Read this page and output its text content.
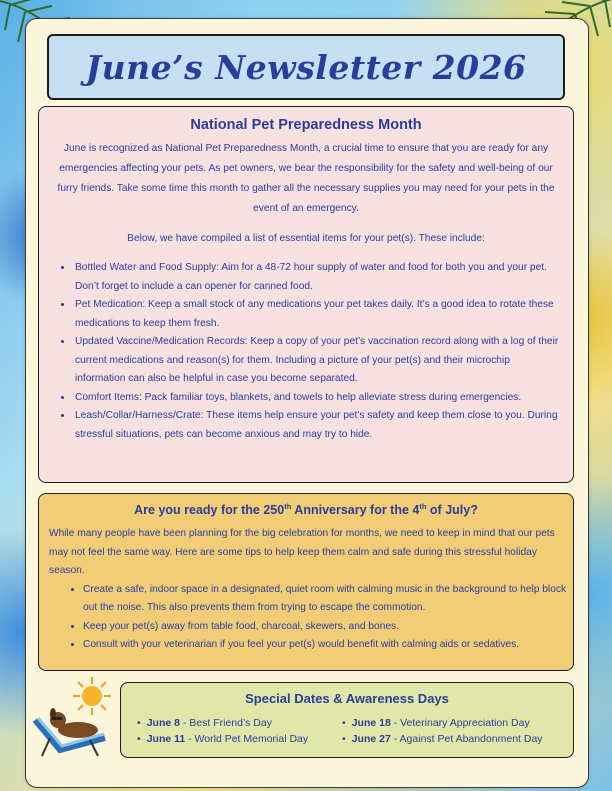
June’s Newsletter 2026
National Pet Preparedness Month

June is recognized as National Pet Preparedness Month, a crucial time to ensure that you are ready for any emergencies affecting your pets. As pet owners, we bear the responsibility for the safety and well-being of our furry friends. Take some time this month to gather all the necessary supplies you may need for your pets in the event of an emergency.

Below, we have compiled a list of essential items for your pet(s). These include:

• Bottled Water and Food Supply: Aim for a 48-72 hour supply of water and food for both you and your pet. Don’t forget to include a can opener for canned food.
• Pet Medication: Keep a small stock of any medications your pet takes daily. It’s a good idea to rotate these medications to keep them fresh.
• Updated Vaccine/Medication Records: Keep a copy of your pet’s vaccination record along with a log of their current medications and reason(s) for them. Including a picture of your pet(s) and their microchip information can also be helpful in case you become separated.
• Comfort Items: Pack familiar toys, blankets, and towels to help alleviate stress during emergencies.
• Leash/Collar/Harness/Crate: These items help ensure your pet's safety and keep them close to you. During stressful situations, pets can become anxious and may try to hide.
Are you ready for the 250th Anniversary for the 4th of July?

While many people have been planning for the big celebration for months, we need to keep in mind that our pets may not feel the same way. Here are some tips to help keep them calm and safe during this stressful holiday season.

• Create a safe, indoor space in a designated, quiet room with calming music in the background to help block out the noise. This also prevents them from trying to escape the commotion.
• Keep your pet(s) away from table food, charcoal, skewers, and bones.
• Consult with your veterinarian if you feel your pet(s) would benefit with calming aids or sedatives.
Special Dates & Awareness Days
• June 8 - Best Friend’s Day	• June 18 - Veterinary Appreciation Day
• June 11 - World Pet Memorial Day	• June 27 - Against Pet Abandonment Day
